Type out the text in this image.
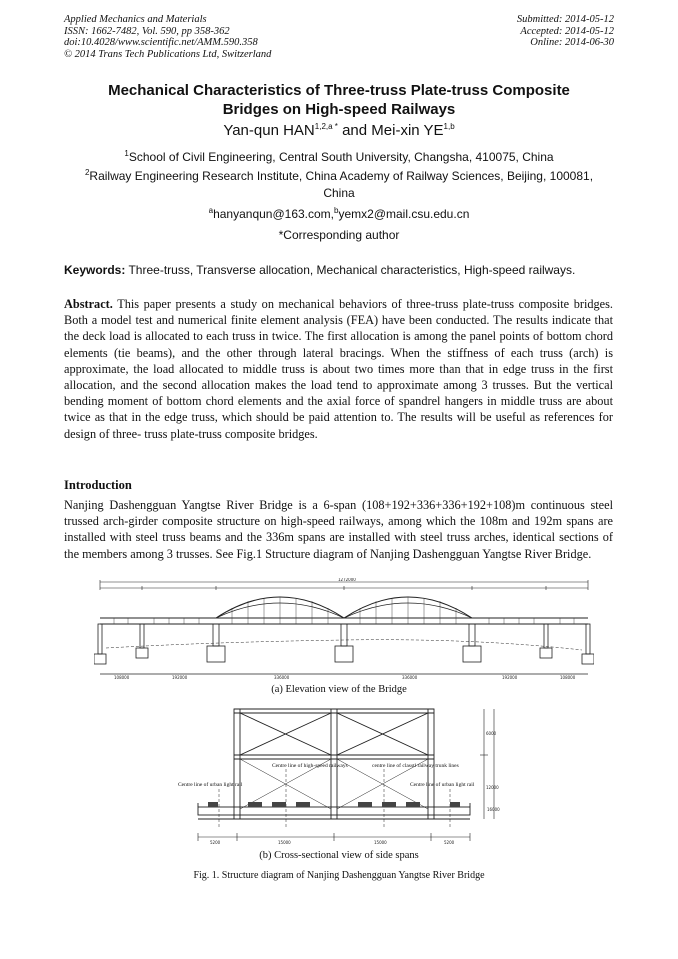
Applied Mechanics and Materials
ISSN: 1662-7482, Vol. 590, pp 358-362
doi:10.4028/www.scientific.net/AMM.590.358
© 2014 Trans Tech Publications Ltd, Switzerland
Submitted: 2014-05-12
Accepted: 2014-05-12
Online: 2014-06-30
Mechanical Characteristics of Three-truss Plate-truss Composite
Bridges on High-speed Railways
Yan-qun $HAN^{1,2,a *}$ and Mei-xin YE$^{1,b}$
$^1$School of Civil Engineering, Central South University, Changsha, 410075, China
$^2$Railway Engineering Research Institute, China Academy of Railway Sciences, Beijing, 100081, China
$^a$hanyanqun@163.com,$^b$yemx2@mail.csu.edu.cn
*Corresponding author
Keywords: Three-truss, Transverse allocation, Mechanical characteristics, High-speed railways.
Abstract. This paper presents a study on mechanical behaviors of three-truss plate-truss composite bridges. Both a model test and numerical finite element analysis (FEA) have been conducted. The results indicate that the deck load is allocated to each truss in twice. The first allocation is among the panel points of bottom chord elements (tie beams), and the other through lateral bracings. When the stiffness of each truss (arch) is approximate, the load allocated to middle truss is about two times more than that in edge truss in the first allocation, and the second allocation makes the load tend to approximate among 3 trusses. But the vertical bending moment of bottom chord elements and the axial force of spandrel hangers in middle truss are about twice as that in the edge truss, which should be paid attention to. The results will be useful as references for design of three- truss plate-truss composite bridges.
Introduction
Nanjing Dashengguan Yangtse River Bridge is a 6-span (108+192+336+336+192+108)m continuous steel trussed arch-girder composite structure on high-speed railways, among which the 108m and 192m spans are installed with steel truss beams and the 336m spans are installed with steel truss arches, identical sections of the members among 3 trusses. See Fig.1 Structure diagram of Nanjing Dashengguan Yangtse River Bridge.
1272000
108000	192000	336000	336000	192000	108000
(a) Elevation view of the Bridge
Centre line of urban light rail
Centre line of high-speed railways	centre line of classtl railway trunk lines
Centre line of urban light rail
5200	15000	15000	5200
6000
12000
16000
(b) Cross-sectional view of side spans
Fig. 1. Structure diagram of Nanjing Dashengguan Yangtse River Bridge
